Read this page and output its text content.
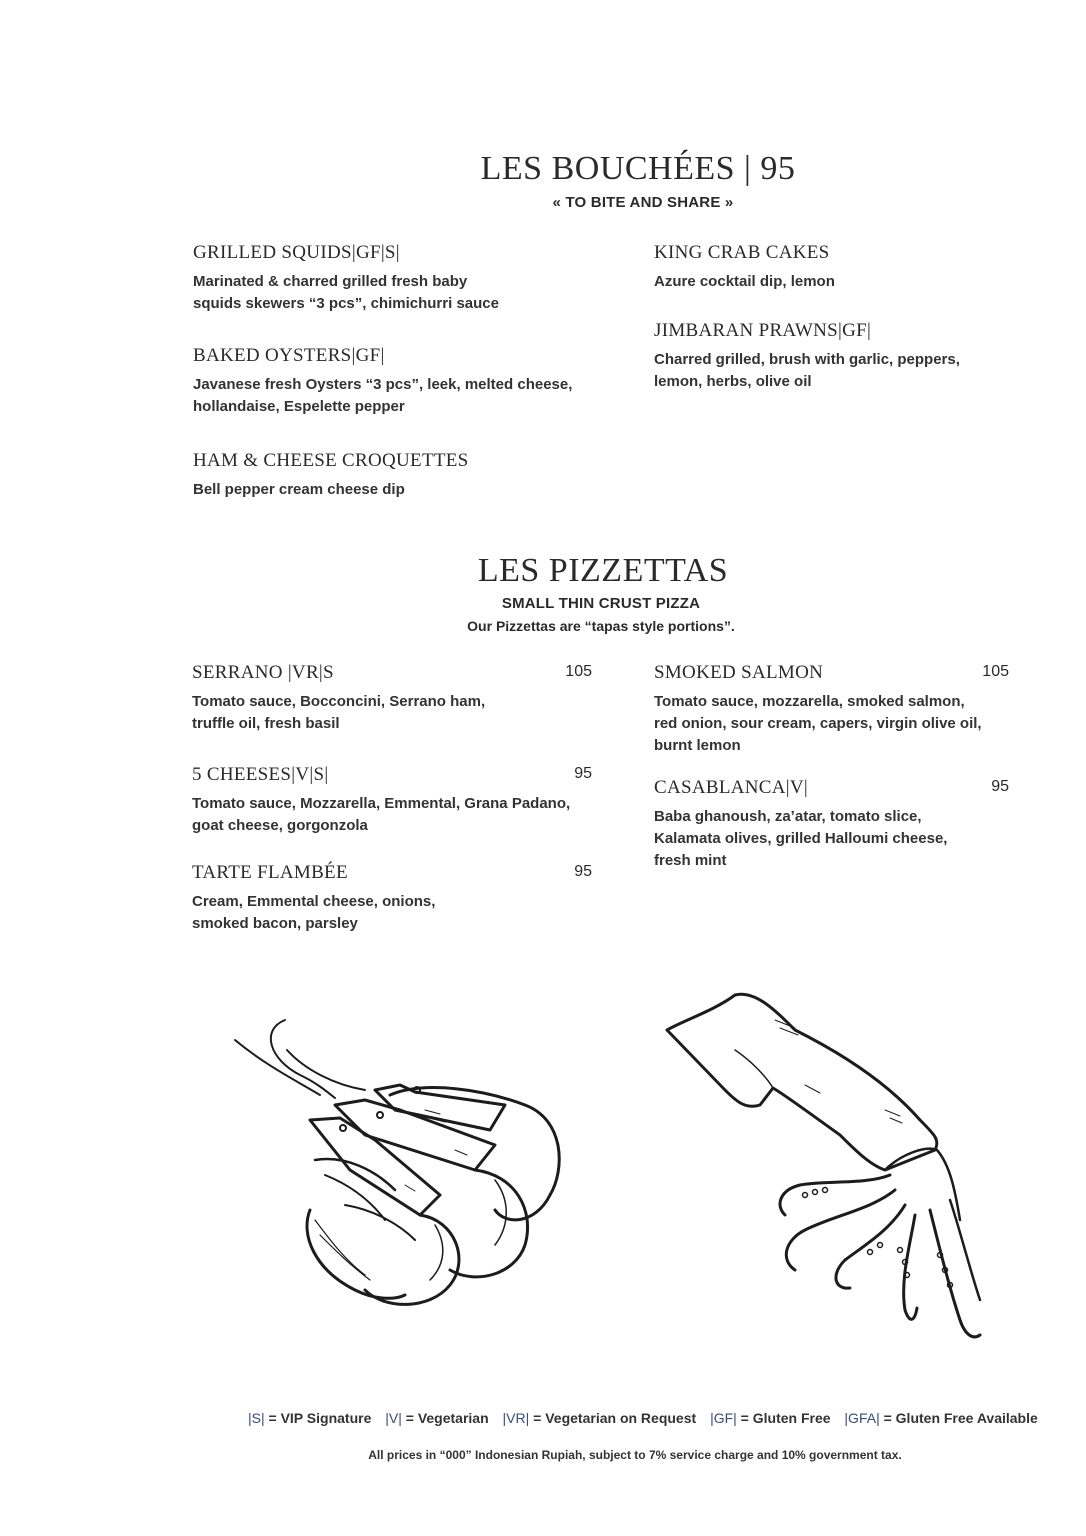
LES BOUCHÉES | 95
« TO BITE AND SHARE »
GRILLED SQUIDS|GF|S|
Marinated & charred grilled fresh baby
squids skewers “3 pcs”, chimichurri sauce
BAKED OYSTERS|GF|
Javanese fresh Oysters “3 pcs”, leek, melted cheese,
hollandaise, Espelette pepper
HAM & CHEESE CROQUETTES
Bell pepper cream cheese dip
KING CRAB CAKES
Azure cocktail dip, lemon
JIMBARAN PRAWNS|GF|
Charred grilled, brush with garlic, peppers,
lemon, herbs, olive oil
LES PIZZETTAS
SMALL THIN CRUST PIZZA
Our Pizzettas are “tapas style portions”.
SERRANO |VR|S	105
Tomato sauce, Bocconcini, Serrano ham,
truffle oil, fresh basil
5 CHEESES|V|S|	95
Tomato sauce, Mozzarella, Emmental, Grana Padano,
goat cheese, gorgonzola
TARTE FLAMBÉE	95
Cream, Emmental cheese, onions,
smoked bacon, parsley
SMOKED SALMON	105
Tomato sauce, mozzarella, smoked salmon,
red onion, sour cream, capers, virgin olive oil,
burnt lemon
CASABLANCA|V|	95
Baba ghanoush, za’atar, tomato slice,
Kalamata olives, grilled Halloumi cheese,
fresh mint
|S| = VIP Signature |V| = Vegetarian |VR| = Vegetarian on Request |GF| = Gluten Free |GFA| = Gluten Free Available
All prices in “000” Indonesian Rupiah, subject to 7% service charge and 10% government tax.
